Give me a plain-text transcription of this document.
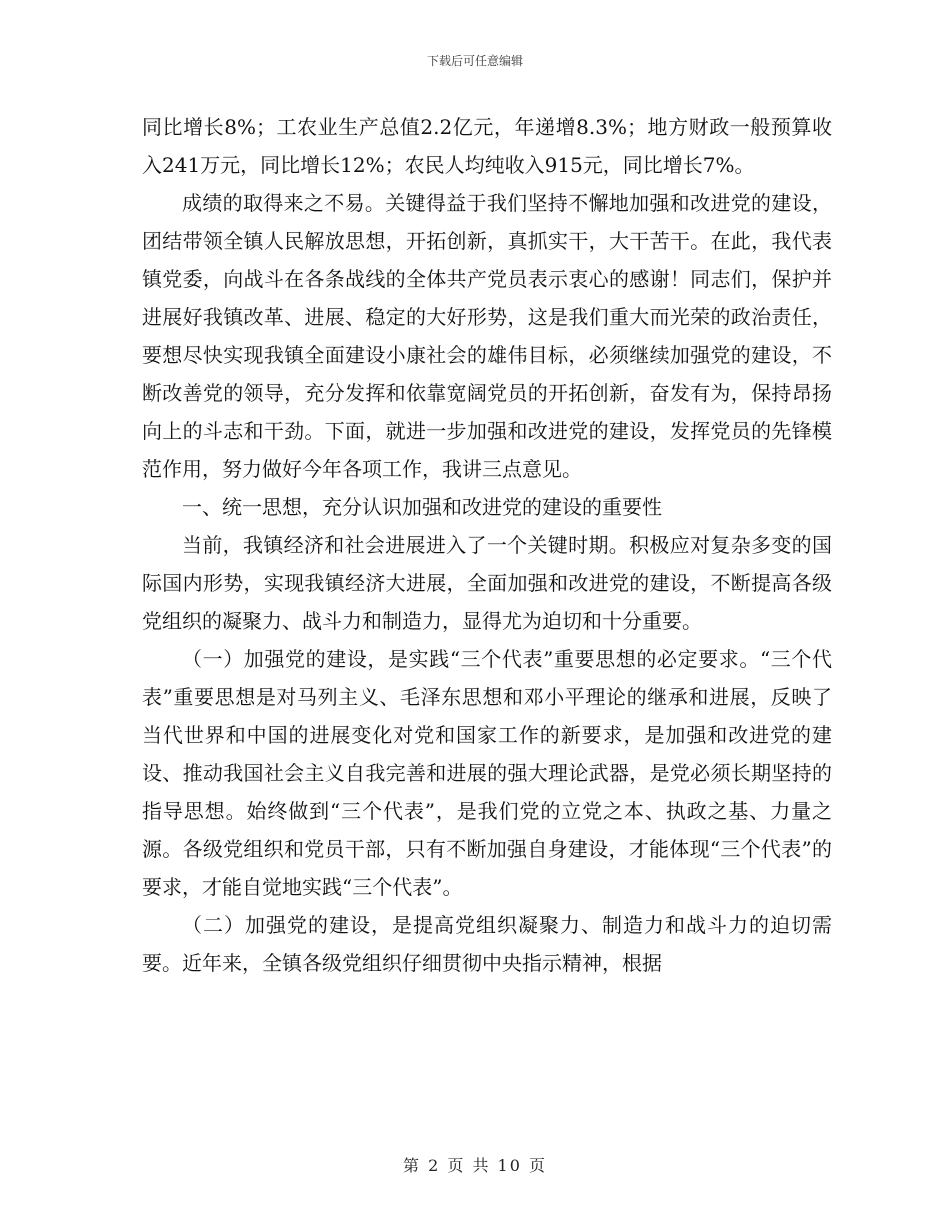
下载后可任意编辑

同比增长8%；工农业生产总值2.2亿元，年递增8.3%；地方财政一般预算收入241万元，同比增长12%；农民人均纯收入915元，同比增长7%。

成绩的取得来之不易。关键得益于我们坚持不懈地加强和改进党的建设，团结带领全镇人民解放思想，开拓创新，真抓实干，大干苦干。在此，我代表镇党委，向战斗在各条战线的全体共产党员表示衷心的感谢！同志们，保护并进展好我镇改革、进展、稳定的大好形势，这是我们重大而光荣的政治责任，要想尽快实现我镇全面建设小康社会的雄伟目标，必须继续加强党的建设，不断改善党的领导，充分发挥和依靠宽阔党员的开拓创新，奋发有为，保持昂扬向上的斗志和干劲。下面，就进一步加强和改进党的建设，发挥党员的先锋模范作用，努力做好今年各项工作，我讲三点意见。

一、统一思想，充分认识加强和改进党的建设的重要性

当前，我镇经济和社会进展进入了一个关键时期。积极应对复杂多变的国际国内形势，实现我镇经济大进展，全面加强和改进党的建设，不断提高各级党组织的凝聚力、战斗力和制造力，显得尤为迫切和十分重要。

（一）加强党的建设，是实践“三个代表”重要思想的必定要求。“三个代表”重要思想是对马列主义、毛泽东思想和邓小平理论的继承和进展，反映了当代世界和中国的进展变化对党和国家工作的新要求，是加强和改进党的建设、推动我国社会主义自我完善和进展的强大理论武器，是党必须长期坚持的指导思想。始终做到“三个代表”，是我们党的立党之本、执政之基、力量之源。各级党组织和党员干部，只有不断加强自身建设，才能体现“三个代表”的要求，才能自觉地实践“三个代表”。

（二）加强党的建设，是提高党组织凝聚力、制造力和战斗力的迫切需要。近年来，全镇各级党组织仔细贯彻中央指示精神，根据

第 2 页 共 10 页
